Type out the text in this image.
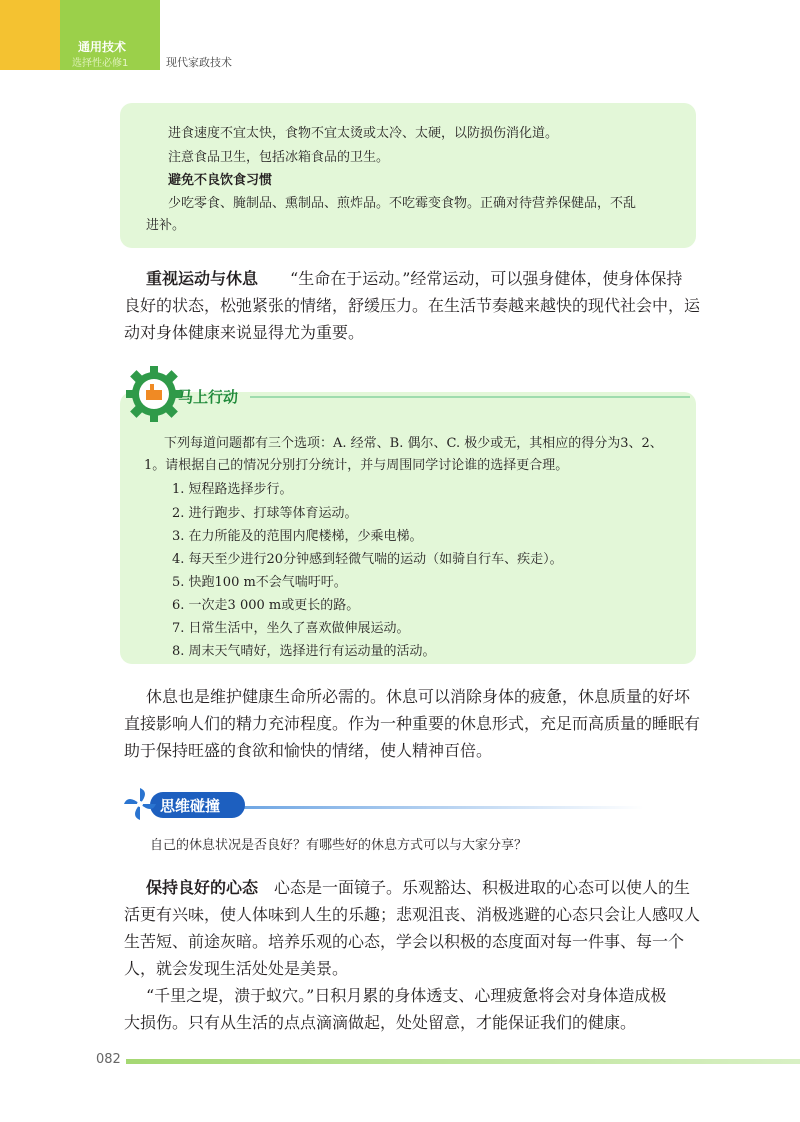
通用技术
选择性必修1	现代家政技术
进食速度不宜太快，食物不宜太烫或太冷、太硬，以防损伤消化道。
注意食品卫生，包括冰箱食品的卫生。
避免不良饮食习惯
少吃零食、腌制品、熏制品、煎炸品。不吃霉变食物。正确对待营养保健品，不乱
进补。
重视运动与休息　　 “生命在于运动。”经常运动，可以强身健体，使身体保持
良好的状态，松弛紧张的情绪，舒缓压力。在生活节奏越来越快的现代社会中，运
动对身体健康来说显得尤为重要。
下列每道问题都有三个选项：A. 经常、B. 偶尔、C. 极少或无，其相应的得分为3、2、
1。请根据自己的情况分别打分统计，并与周围同学讨论谁的选择更合理。
1. 短程路选择步行。
2. 进行跑步、打球等体育运动。
3. 在力所能及的范围内爬楼梯，少乘电梯。
4. 每天至少进行20分钟感到轻微气喘的运动（如骑自行车、疾走）。
5. 快跑100 m不会气喘吁吁。
6. 一次走3 000 m或更长的路。
7. 日常生活中，坐久了喜欢做伸展运动。
8. 周末天气晴好，选择进行有运动量的活动。
马上行动
休息也是维护健康生命所必需的。休息可以消除身体的疲惫，休息质量的好坏
直接影响人们的精力充沛程度。作为一种重要的休息形式，充足而高质量的睡眠有
助于保持旺盛的食欲和愉快的情绪，使人精神百倍。
思维碰撞
自己的休息状况是否良好？有哪些好的休息方式可以与大家分享？
保持良好的心态　 心态是一面镜子。乐观豁达、积极进取的心态可以使人的生
活更有兴味，使人体味到人生的乐趣；悲观沮丧、消极逃避的心态只会让人感叹人
生苦短、前途灰暗。培养乐观的心态，学会以积极的态度面对每一件事、每一个
人，就会发现生活处处是美景。
“千里之堤，溃于蚁穴。”日积月累的身体透支、心理疲惫将会对身体造成极
大损伤。只有从生活的点点滴滴做起，处处留意，才能保证我们的健康。
082
